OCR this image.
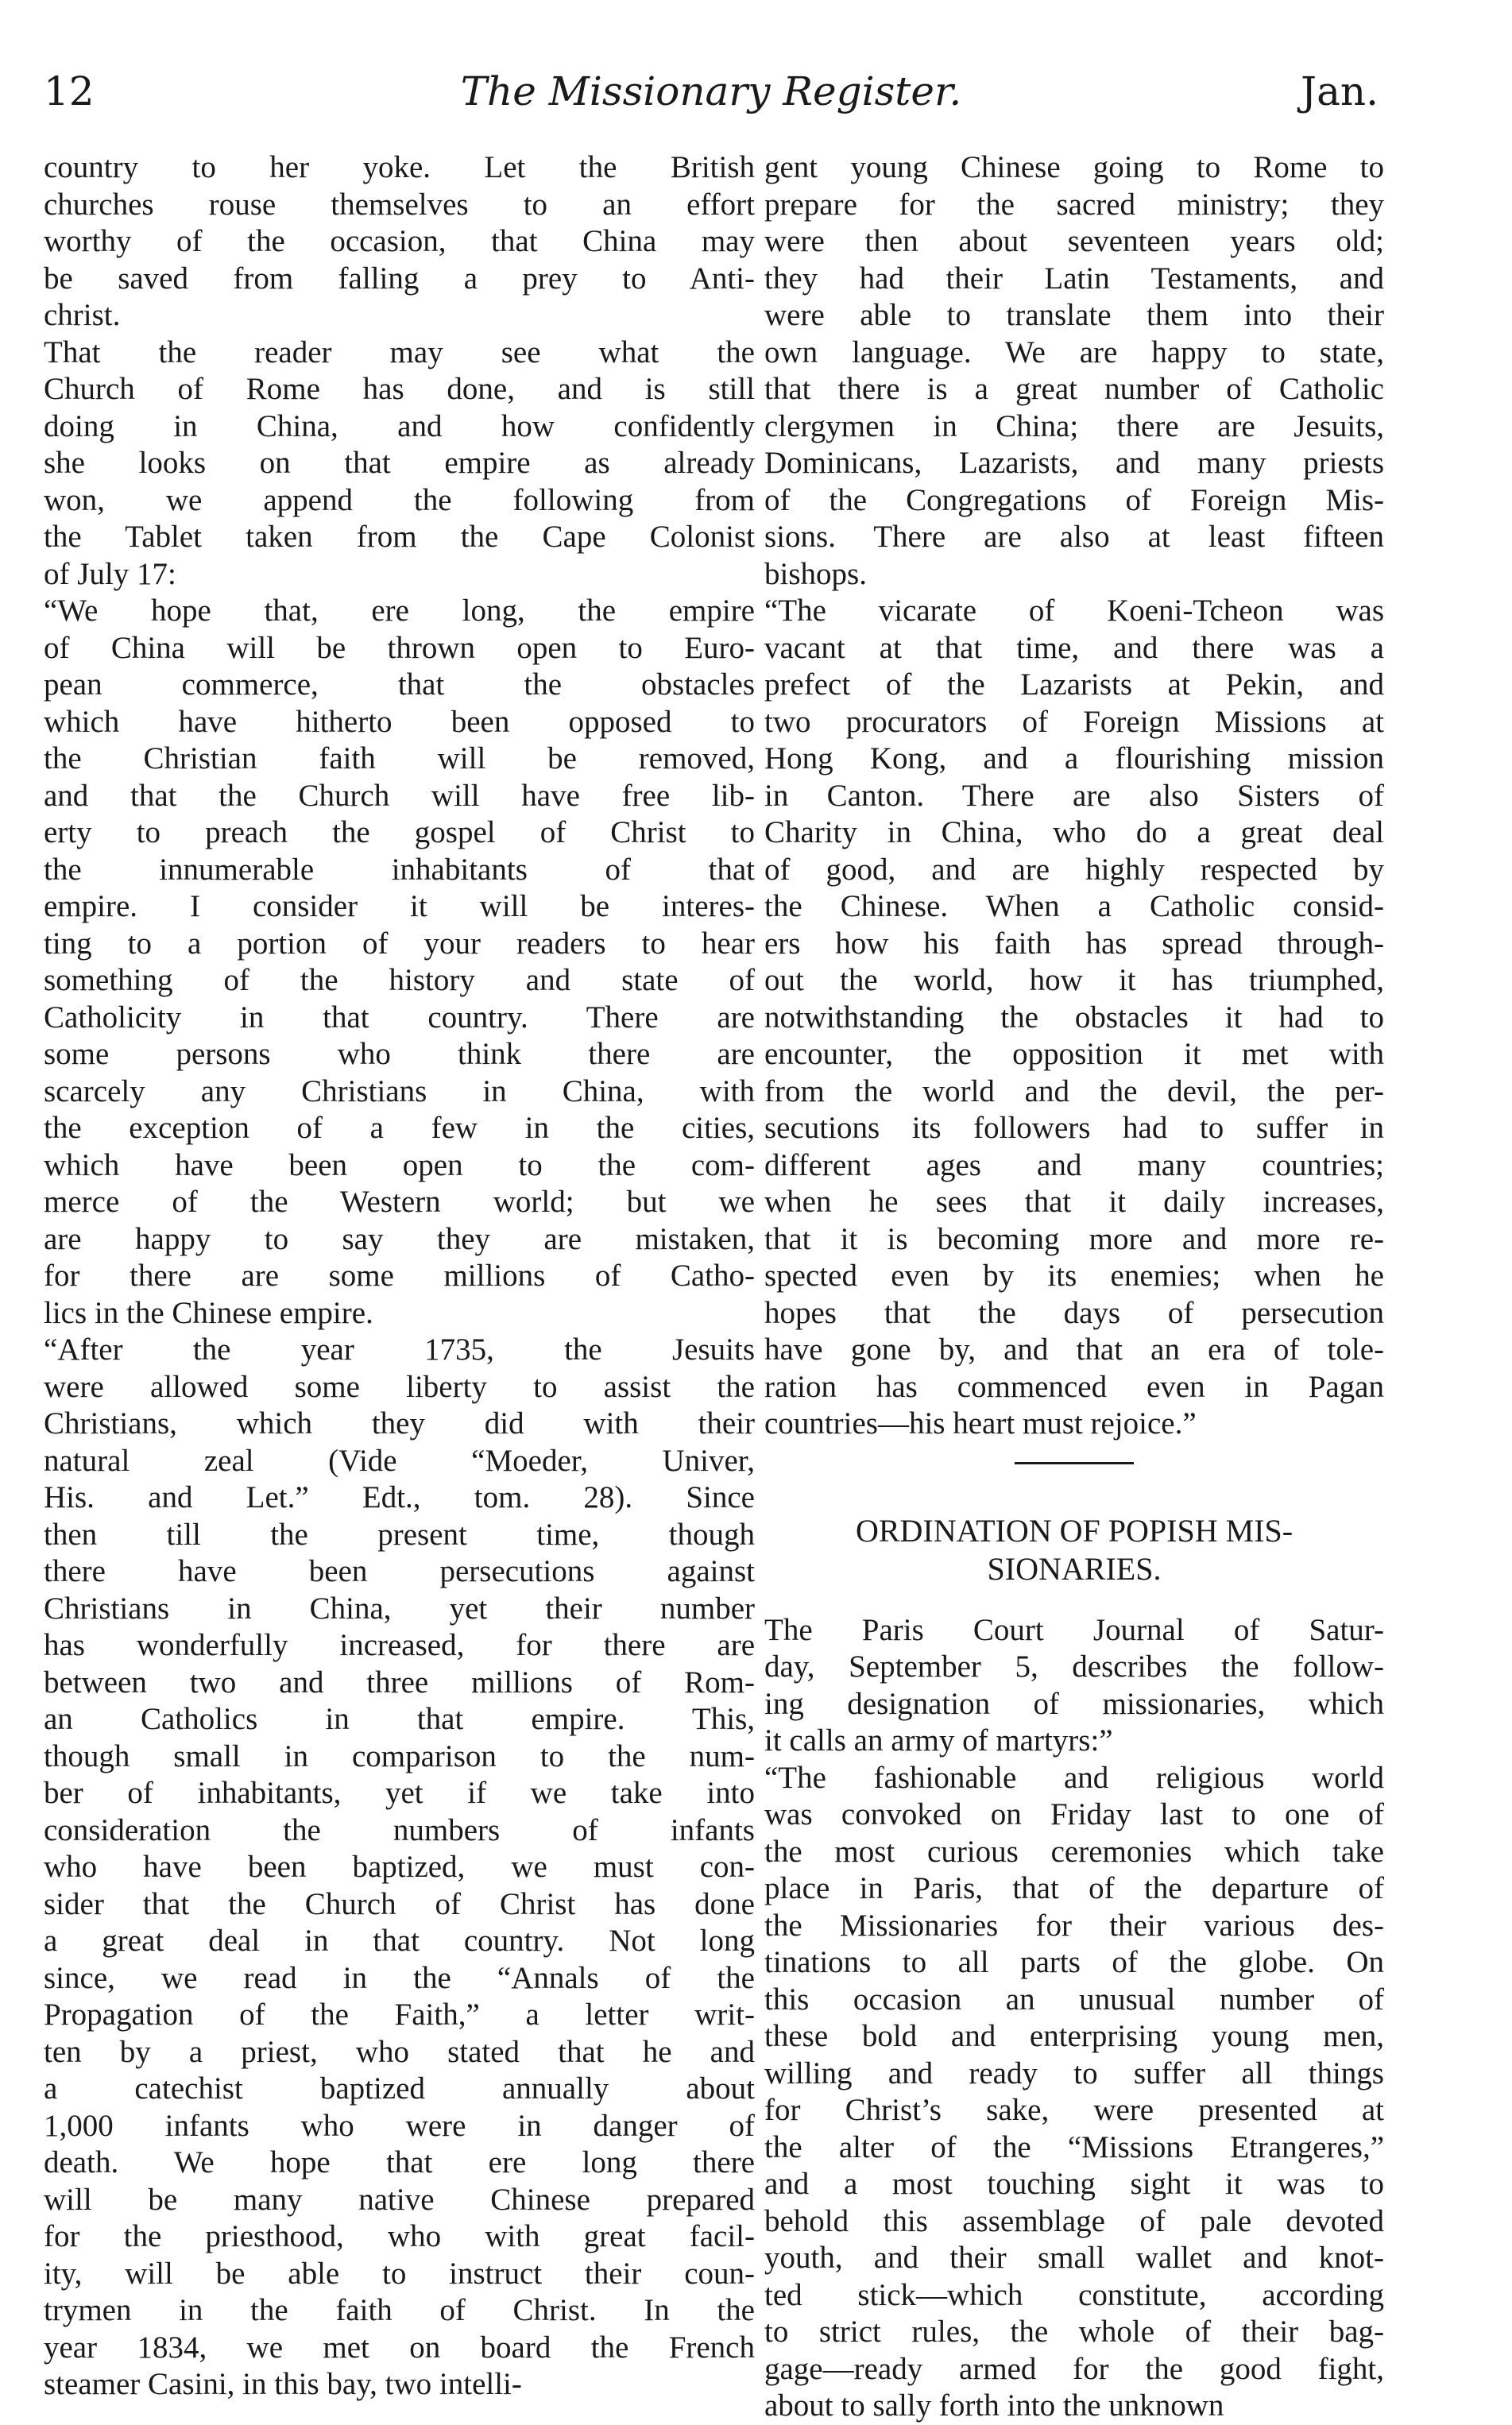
12	The Missionary Register.	Jan.
country to her yoke. Let the British
churches rouse themselves to an effort
worthy of the occasion, that China may
be saved from falling a prey to Anti-
christ.
That the reader may see what the
Church of Rome has done, and is still
doing in China, and how confidently
she looks on that empire as already
won, we append the following from
the Tablet taken from the Cape Colonist
of July 17:
“We hope that, ere long, the empire
of China will be thrown open to Euro-
pean commerce, that the obstacles
which have hitherto been opposed to
the Christian faith will be removed,
and that the Church will have free lib-
erty to preach the gospel of Christ to
the innumerable inhabitants of that
empire. I consider it will be interes-
ting to a portion of your readers to hear
something of the history and state of
Catholicity in that country. There are
some persons who think there are
scarcely any Christians in China, with
the exception of a few in the cities,
which have been open to the com-
merce of the Western world; but we
are happy to say they are mistaken,
for there are some millions of Catho-
lics in the Chinese empire.
“After the year 1735, the Jesuits
were allowed some liberty to assist the
Christians, which they did with their
natural zeal (Vide “Moeder, Univer,
His. and Let.” Edt., tom. 28). Since
then till the present time, though
there have been persecutions against
Christians in China, yet their number
has wonderfully increased, for there are
between two and three millions of Rom-
an Catholics in that empire. This,
though small in comparison to the num-
ber of inhabitants, yet if we take into
consideration the numbers of infants
who have been baptized, we must con-
sider that the Church of Christ has done
a great deal in that country. Not long
since, we read in the “Annals of the
Propagation of the Faith,” a letter writ-
ten by a priest, who stated that he and
a catechist baptized annually about
1,000 infants who were in danger of
death. We hope that ere long there
will be many native Chinese prepared
for the priesthood, who with great facil-
ity, will be able to instruct their coun-
trymen in the faith of Christ. In the
year 1834, we met on board the French
steamer Casini, in this bay, two intelli-
gent young Chinese going to Rome to
prepare for the sacred ministry; they
were then about seventeen years old;
they had their Latin Testaments, and
were able to translate them into their
own language. We are happy to state,
that there is a great number of Catholic
clergymen in China; there are Jesuits,
Dominicans, Lazarists, and many priests
of the Congregations of Foreign Mis-
sions. There are also at least fifteen
bishops.
“The vicarate of Koeni-Tcheon was
vacant at that time, and there was a
prefect of the Lazarists at Pekin, and
two procurators of Foreign Missions at
Hong Kong, and a flourishing mission
in Canton. There are also Sisters of
Charity in China, who do a great deal
of good, and are highly respected by
the Chinese. When a Catholic consid-
ers how his faith has spread through-
out the world, how it has triumphed,
notwithstanding the obstacles it had to
encounter, the opposition it met with
from the world and the devil, the per-
secutions its followers had to suffer in
different ages and many countries;
when he sees that it daily increases,
that it is becoming more and more re-
spected even by its enemies; when he
hopes that the days of persecution
have gone by, and that an era of tole-
ration has commenced even in Pagan
countries—his heart must rejoice.”
ORDINATION OF POPISH MIS-
SIONARIES.
The Paris Court Journal of Satur-
day, September 5, describes the follow-
ing designation of missionaries, which
it calls an army of martyrs:”
“The fashionable and religious world
was convoked on Friday last to one of
the most curious ceremonies which take
place in Paris, that of the departure of
the Missionaries for their various des-
tinations to all parts of the globe. On
this occasion an unusual number of
these bold and enterprising young men,
willing and ready to suffer all things
for Christ’s sake, were presented at
the alter of the “Missions Etrangeres,”
and a most touching sight it was to
behold this assemblage of pale devoted
youth, and their small wallet and knot-
ted stick—which constitute, according
to strict rules, the whole of their bag-
gage—ready armed for the good fight,
about to sally forth into the unknown
